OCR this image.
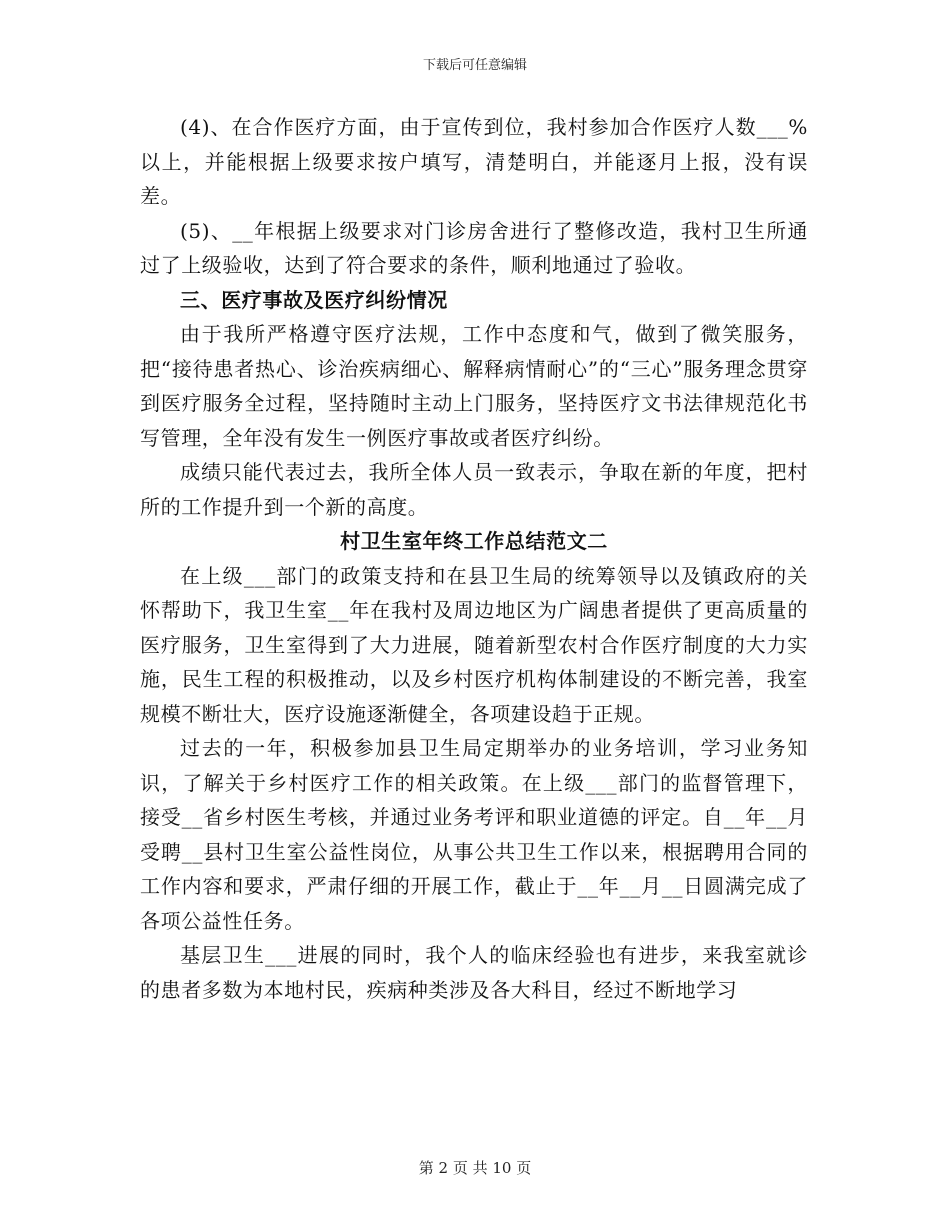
下载后可任意编辑

(4)、在合作医疗方面，由于宣传到位，我村参加合作医疗人数___%以上，并能根据上级要求按户填写，清楚明白，并能逐月上报，没有误差。

(5)、__年根据上级要求对门诊房舍进行了整修改造，我村卫生所通过了上级验收，达到了符合要求的条件，顺利地通过了验收。

三、医疗事故及医疗纠纷情况

由于我所严格遵守医疗法规，工作中态度和气，做到了微笑服务，把“接待患者热心、诊治疾病细心、解释病情耐心”的“三心”服务理念贯穿到医疗服务全过程，坚持随时主动上门服务，坚持医疗文书法律规范化书写管理，全年没有发生一例医疗事故或者医疗纠纷。

成绩只能代表过去，我所全体人员一致表示，争取在新的年度，把村所的工作提升到一个新的高度。

村卫生室年终工作总结范文二

在上级___部门的政策支持和在县卫生局的统筹领导以及镇政府的关怀帮助下，我卫生室__年在我村及周边地区为广阔患者提供了更高质量的医疗服务，卫生室得到了大力进展，随着新型农村合作医疗制度的大力实施，民生工程的积极推动，以及乡村医疗机构体制建设的不断完善，我室规模不断壮大，医疗设施逐渐健全，各项建设趋于正规。

过去的一年，积极参加县卫生局定期举办的业务培训，学习业务知识，了解关于乡村医疗工作的相关政策。在上级___部门的监督管理下，接受__省乡村医生考核，并通过业务考评和职业道德的评定。自__年__月受聘__县村卫生室公益性岗位，从事公共卫生工作以来，根据聘用合同的工作内容和要求，严肃仔细的开展工作，截止于__年__月__日圆满完成了各项公益性任务。

基层卫生___进展的同时，我个人的临床经验也有进步，来我室就诊的患者多数为本地村民，疾病种类涉及各大科目，经过不断地学习

第 2 页 共 10 页
